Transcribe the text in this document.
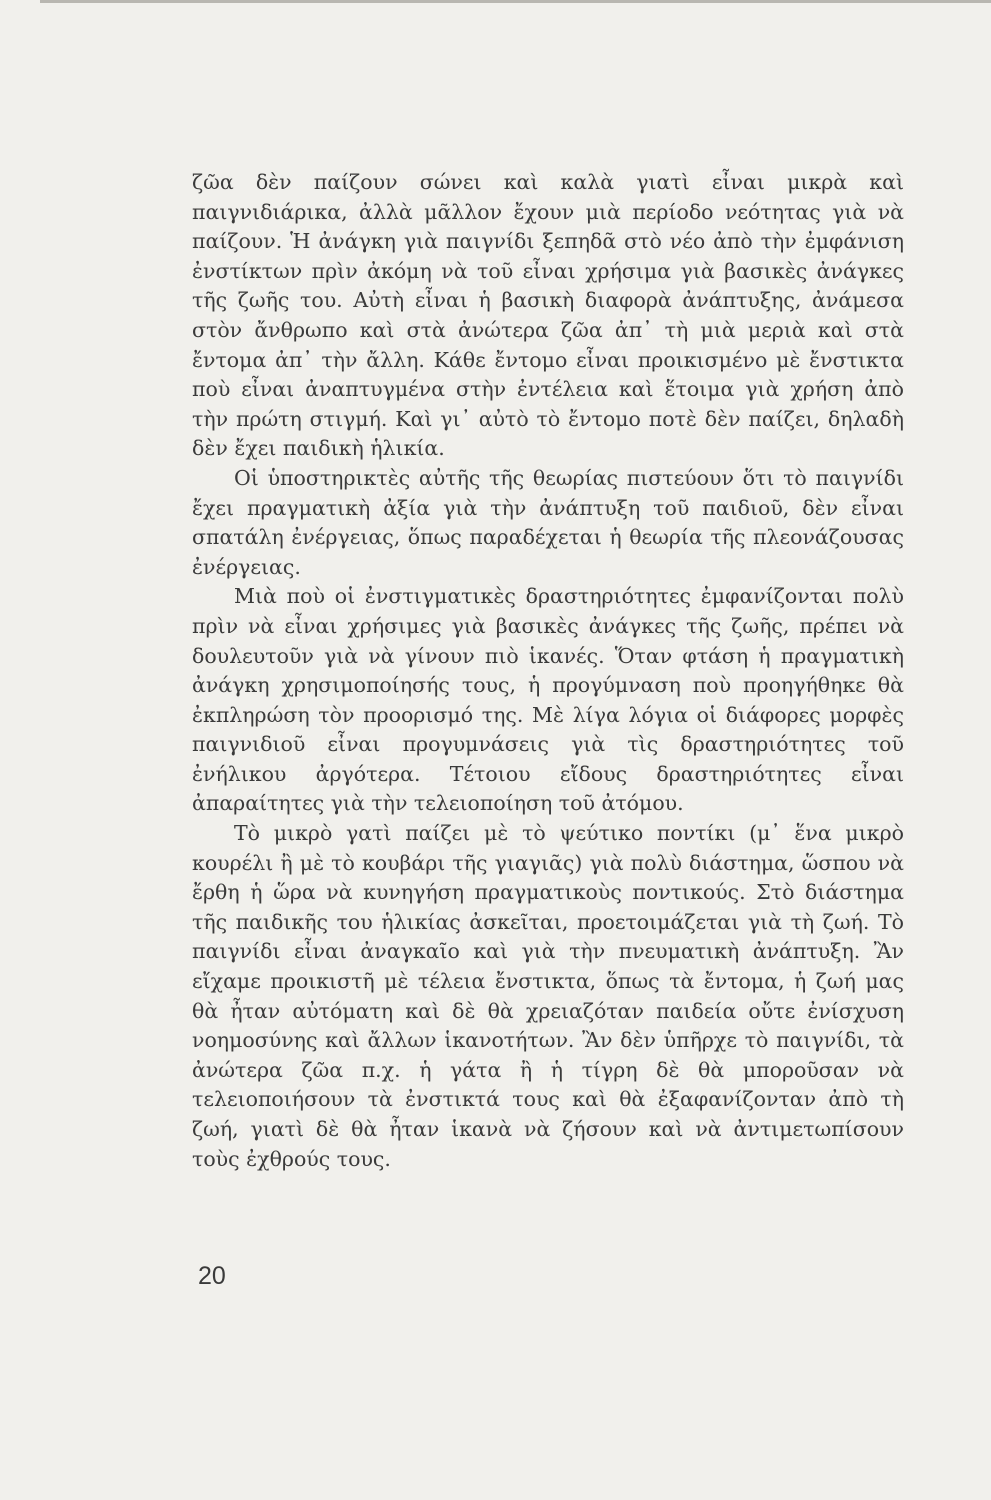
ζῶα δὲν παίζουν σώνει καὶ καλὰ γιατὶ εἶναι μικρὰ καὶ παιγνιδιάρικα, ἀλλὰ μᾶλλον ἔχουν μιὰ περίοδο νεότητας γιὰ νὰ παίζουν. Ἡ ἀνάγκη γιὰ παιγνίδι ξεπηδᾶ στὸ νέο ἀπὸ τὴν ἐμφάνιση ἐνστίκτων πρὶν ἀκόμη νὰ τοῦ εἶναι χρήσιμα γιὰ βασικὲς ἀνάγκες τῆς ζωῆς του. Αὐτὴ εἶναι ἡ βασικὴ διαφορὰ ἀνάπτυξης, ἀνάμεσα στὸν ἄνθρωπο καὶ στὰ ἀνώτερα ζῶα ἀπ᾽ τὴ μιὰ μεριὰ καὶ στὰ ἔντομα ἀπ᾽ τὴν ἄλλη. Κάθε ἔντομο εἶναι προικισμένο μὲ ἔνστικτα ποὺ εἶναι ἀναπτυγμένα στὴν ἐντέλεια καὶ ἕτοιμα γιὰ χρήση ἀπὸ τὴν πρώτη στιγμή. Καὶ γι᾽ αὐτὸ τὸ ἔντομο ποτὲ δὲν παίζει, δηλαδὴ δὲν ἔχει παιδικὴ ἡλικία.

Οἱ ὑποστηρικτὲς αὐτῆς τῆς θεωρίας πιστεύουν ὅτι τὸ παιγνίδι ἔχει πραγματικὴ ἀξία γιὰ τὴν ἀνάπτυξη τοῦ παιδιοῦ, δὲν εἶναι σπατάλη ἐνέργειας, ὅπως παραδέχεται ἡ θεωρία τῆς πλεονάζουσας ἐνέργειας.

Μιὰ ποὺ οἱ ἐνστιγματικὲς δραστηριότητες ἐμφανίζονται πολὺ πρὶν νὰ εἶναι χρήσιμες γιὰ βασικὲς ἀνάγκες τῆς ζωῆς, πρέπει νὰ δουλευτοῦν γιὰ νὰ γίνουν πιὸ ἱκανές. Ὅταν φτάση ἡ πραγματικὴ ἀνάγκη χρησιμοποίησής τους, ἡ προγύμναση ποὺ προηγήθηκε θὰ ἐκπληρώση τὸν προορισμό της. Μὲ λίγα λόγια οἱ διάφορες μορφὲς παιγνιδιοῦ εἶναι προγυμνάσεις γιὰ τὶς δραστηριότητες τοῦ ἐνήλικου ἀργότερα. Τέτοιου εἴδους δραστηριότητες εἶναι ἀπαραίτητες γιὰ τὴν τελειοποίηση τοῦ ἀτόμου.

Τὸ μικρὸ γατὶ παίζει μὲ τὸ ψεύτικο ποντίκι (μ᾽ ἕνα μικρὸ κουρέλι ἢ μὲ τὸ κουβάρι τῆς γιαγιᾶς) γιὰ πολὺ διάστημα, ὥσπου νὰ ἔρθη ἡ ὥρα νὰ κυνηγήση πραγματικοὺς ποντικούς. Στὸ διάστημα τῆς παιδικῆς του ἡλικίας ἀσκεῖται, προετοιμάζεται γιὰ τὴ ζωή. Τὸ παιγνίδι εἶναι ἀναγκαῖο καὶ γιὰ τὴν πνευματικὴ ἀνάπτυξη. Ἂν εἴχαμε προικιστῆ μὲ τέλεια ἔνστικτα, ὅπως τὰ ἔντομα, ἡ ζωή μας θὰ ἦταν αὐτόματη καὶ δὲ θὰ χρειαζόταν παιδεία οὔτε ἐνίσχυση νοημοσύνης καὶ ἄλλων ἱκανοτήτων. Ἂν δὲν ὑπῆρχε τὸ παιγνίδι, τὰ ἀνώτερα ζῶα π.χ. ἡ γάτα ἢ ἡ τίγρη δὲ θὰ μποροῦσαν νὰ τελειοποιήσουν τὰ ἐνστικτά τους καὶ θὰ ἐξαφανίζονταν ἀπὸ τὴ ζωή, γιατὶ δὲ θὰ ἦταν ἱκανὰ νὰ ζήσουν καὶ νὰ ἀντιμετωπίσουν τοὺς ἐχθρούς τους.

20
